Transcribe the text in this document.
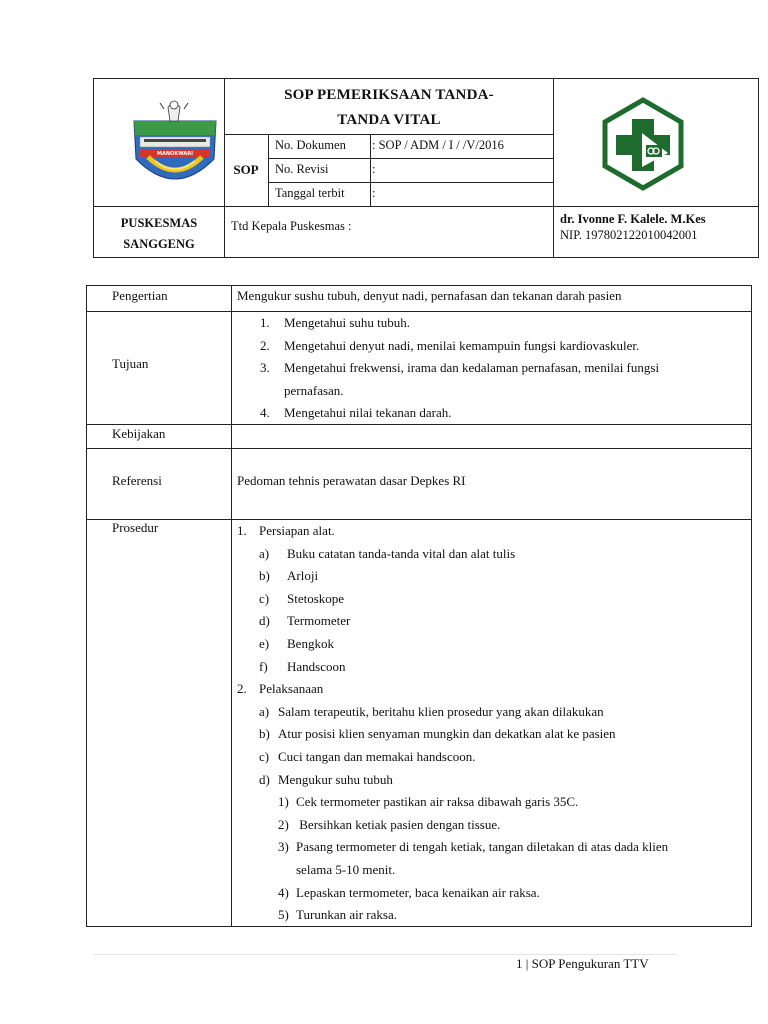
MANOKWARI
SOP PEMERIKSAAN TANDA-
TANDA VITAL
SOP
No. Dokumen : SOP / ADM / I / /V/2016
No. Revisi	:
Tanggal terbit :
PUSKESMAS
SANGGENG
Ttd Kepala Puskesmas :	dr. Ivonne F. Kalele. M.Kes
NIP. 197802122010042001
Pengertian	Mengukur sushu tubuh, denyut nadi, pernafasan dan tekanan darah pasien
Tujuan
1. Mengetahui suhu tubuh.
2. Mengetahui denyut nadi, menilai kemampuin fungsi kardiovaskuler.
3. Mengetahui frekwensi, irama dan kedalaman pernafasan, menilai fungsi
pernafasan.
4. Mengetahui nilai tekanan darah.
Kebijakan
Referensi	Pedoman tehnis perawatan dasar Depkes RI
Prosedur	1. Persiapan alat.
a) Buku catatan tanda-tanda vital dan alat tulis
b) Arloji
c) Stetoskope
d) Termometer
e) Bengkok
f) Handscoon
2. Pelaksanaan
a) Salam terapeutik, beritahu klien prosedur yang akan dilakukan
b) Atur posisi klien senyaman mungkin dan dekatkan alat ke pasien
c) Cuci tangan dan memakai handscoon.
d) Mengukur suhu tubuh
1) Cek termometer pastikan air raksa dibawah garis 35C.
2) Bersihkan ketiak pasien dengan tissue.
3) Pasang termometer di tengah ketiak, tangan diletakan di atas dada klien
selama 5-10 menit.
4) Lepaskan termometer, baca kenaikan air raksa.
5) Turunkan air raksa.
1 | SOP Pengukuran TTV
